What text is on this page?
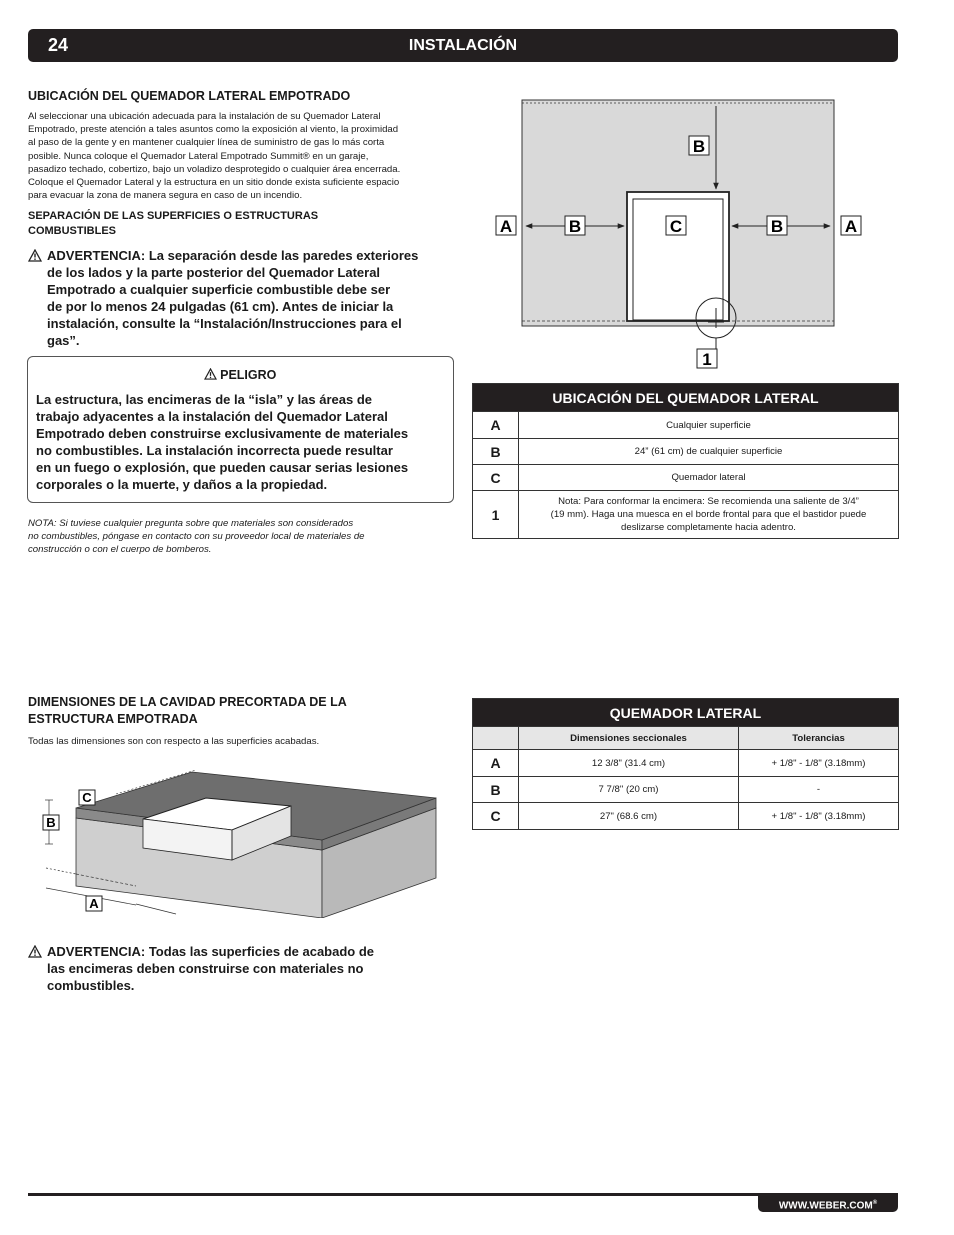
24	INSTALACIÓN
UBICACIÓN DEL QUEMADOR LATERAL EMPOTRADO
Al seleccionar una ubicación adecuada para la instalación de su Quemador Lateral
Empotrado, preste atención a tales asuntos como la exposición al viento, la proximidad
al paso de la gente y en mantener cualquier línea de suministro de gas lo más corta
posible. Nunca coloque el Quemador Lateral Empotrado Summit® en un garaje,
pasadizo techado, cobertizo, bajo un voladizo desprotegido o cualquier área encerrada.
Coloque el Quemador Lateral y la estructura en un sitio donde exista suficiente espacio
para evacuar la zona de manera segura en caso de un incendio.
SEPARACIÓN DE LAS SUPERFICIES O ESTRUCTURAS
COMBUSTIBLES
ADVERTENCIA: La separación desde las paredes exteriores
de los lados y la parte posterior del Quemador Lateral
Empotrado a cualquier superficie combustible debe ser
de por lo menos 24 pulgadas (61 cm). Antes de iniciar la
instalación, consulte la “Instalación/Instrucciones para el
gas”.
PELIGRO
La estructura, las encimeras de la “isla” y las áreas de
trabajo adyacentes a la instalación del Quemador Lateral
Empotrado deben construirse exclusivamente de materiales
no combustibles. La instalación incorrecta puede resultar
en un fuego o explosión, que pueden causar serias lesiones
corporales o la muerte, y daños a la propiedad.
NOTA: Si tuviese cualquier pregunta sobre que materiales son considerados
no combustibles, póngase en contacto con su proveedor local de materiales de
construcción o con el cuerpo de bomberos.
B
A	B	C	B	A
1
UBICACIÓN DEL QUEMADOR LATERAL	
A	Cualquier superficie
B	24” (61 cm) de cualquier superficie
C	Quemador lateral
1	Nota: Para conformar la encimera: Se recomienda una saliente de 3/4”
(19 mm). Haga una muesca en el borde frontal para que el bastidor puede
deslizarse completamente hacia adentro.
DIMENSIONES DE LA CAVIDAD PRECORTADA DE LA
ESTRUCTURA EMPOTRADA
Todas las dimensiones son con respecto a las superficies acabadas.
C
B
A
ADVERTENCIA: Todas las superficies de acabado de
las encimeras deben construirse con materiales no
combustibles.
QUEMADOR LATERAL		
	Dimensiones seccionales	Tolerancias
A	12 3/8" (31.4 cm)	+ 1/8" - 1/8" (3.18mm)
B	7 7/8" (20 cm)	-
C	27" (68.6 cm)	+ 1/8" - 1/8" (3.18mm)
WWW.WEBER.COM®
